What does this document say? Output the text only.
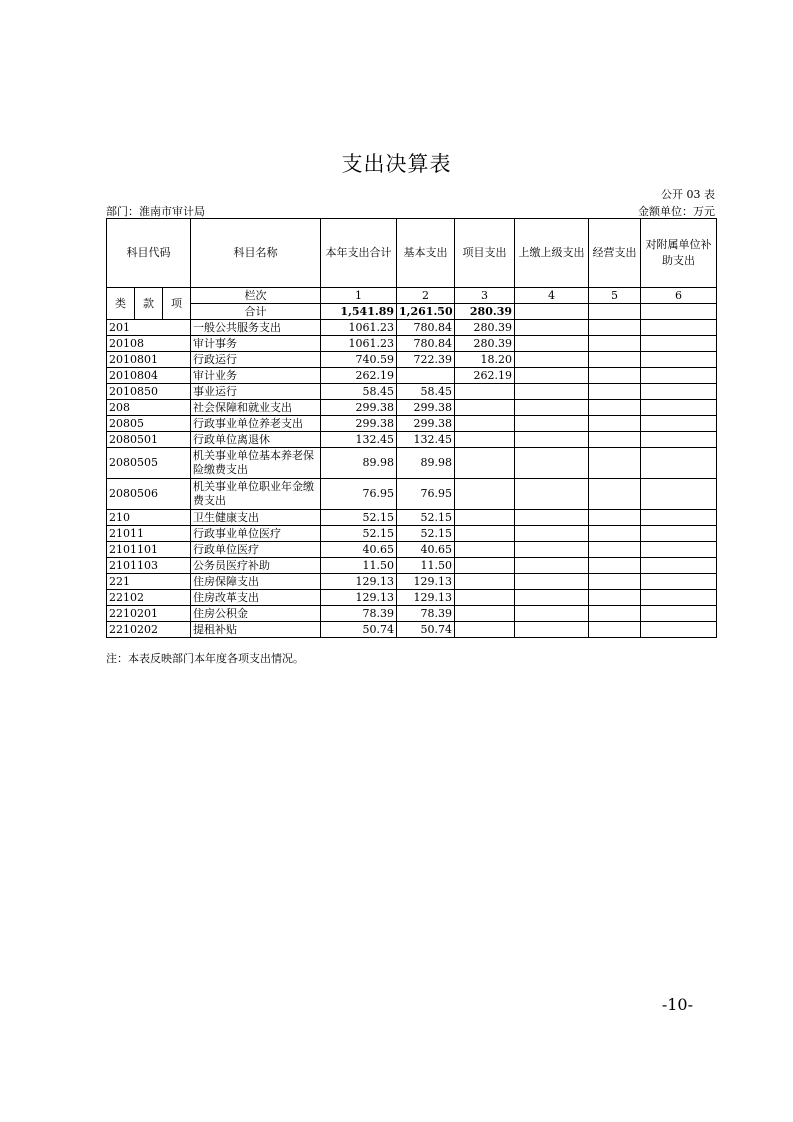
支出决算表
公开 03 表
部门：淮南市审计局	金额单位：万元
科目代码			科目名称	本年支出合计	基本支出	项目支出	上缴上级支出	经营支出	对附属单位补助支出
类	款	项	栏次	1	2	3	4	5	6
			合计	1,541.89	1,261.50	280.39			
201			一般公共服务支出	1061.23	780.84	280.39			
20108			审计事务	1061.23	780.84	280.39			
2010801			行政运行	740.59	722.39	18.20			
2010804			审计业务	262.19		262.19			
2010850			事业运行	58.45	58.45				
208			社会保障和就业支出	299.38	299.38				
20805			行政事业单位养老支出	299.38	299.38				
2080501			行政单位离退休	132.45	132.45				
2080505			机关事业单位基本养老保险缴费支出	89.98	89.98				
2080506			机关事业单位职业年金缴费支出	76.95	76.95				
210			卫生健康支出	52.15	52.15				
21011			行政事业单位医疗	52.15	52.15				
2101101			行政单位医疗	40.65	40.65				
2101103			公务员医疗补助	11.50	11.50				
221			住房保障支出	129.13	129.13				
22102			住房改革支出	129.13	129.13				
2210201			住房公积金	78.39	78.39				
2210202			提租补贴	50.74	50.74				
注：本表反映部门本年度各项支出情况。
-10-
